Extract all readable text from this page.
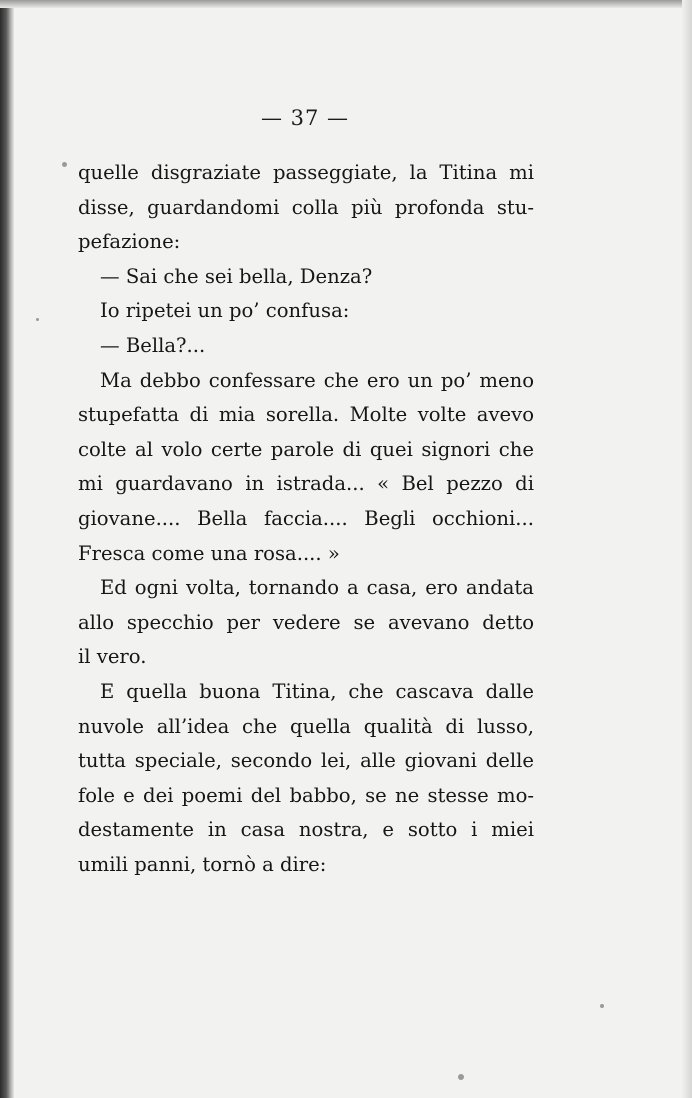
— 37 —
quelle disgraziate passeggiate, la Titina mi
disse, guardandomi colla più profonda stu-
pefazione:
— Sai che sei bella, Denza?
Io ripetei un po’ confusa:
— Bella?...
Ma debbo confessare che ero un po’ meno
stupefatta di mia sorella. Molte volte avevo
colte al volo certe parole di quei signori che
mi guardavano in istrada... « Bel pezzo di
giovane.... Bella faccia.... Begli occhioni...
Fresca come una rosa.... »
Ed ogni volta, tornando a casa, ero andata
allo specchio per vedere se avevano detto
il vero.
E quella buona Titina, che cascava dalle
nuvole all’idea che quella qualità di lusso,
tutta speciale, secondo lei, alle giovani delle
fole e dei poemi del babbo, se ne stesse mo-
destamente in casa nostra, e sotto i miei
umili panni, tornò a dire:
